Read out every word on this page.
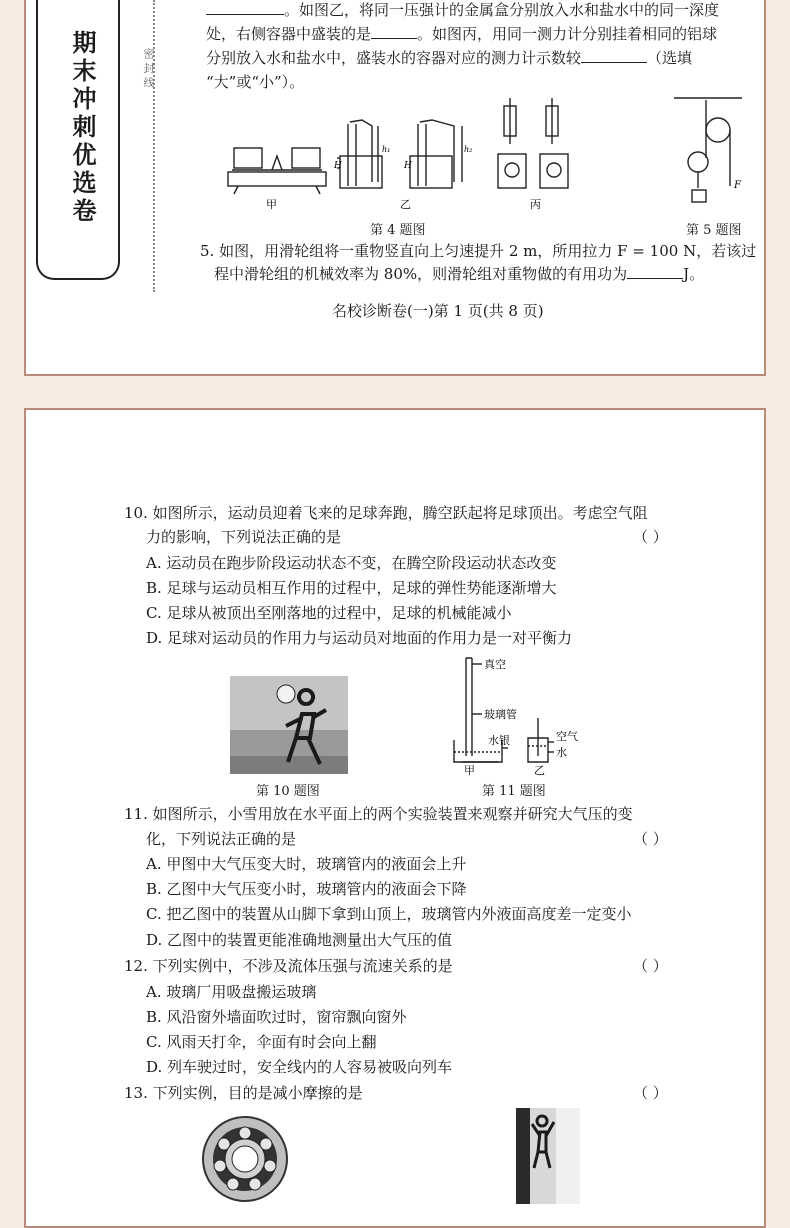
期末冲刺优选卷	密 封 线
。如图乙，将同一压强计的金属盒分别放入水和盐水中的同一深度
处，右侧容器中盛装的是	。如图丙，用同一测力计分别挂着相同的铝球
分别放入水和盐水中，盛装水的容器对应的测力计示数较	（选填
“大”或“小”）。
甲	乙	丙
H	H
h₁	h₂
F
第 4 题图	第 5 题图
5. 如图，用滑轮组将一重物竖直向上匀速提升 2 m，所用拉力 F = 100 N，若该过
程中滑轮组的机械效率为 80%，则滑轮组对重物做的有用功为	J。
名校诊断卷(一)第 1 页(共 8 页)
10. 如图所示，运动员迎着飞来的足球奔跑，腾空跃起将足球顶出。考虑空气阻
力的影响，下列说法正确的是	（ ）
A. 运动员在跑步阶段运动状态不变，在腾空阶段运动状态改变
B. 足球与运动员相互作用的过程中，足球的弹性势能逐渐增大
C. 足球从被顶出至刚落地的过程中，足球的机械能减小
D. 足球对运动员的作用力与运动员对地面的作用力是一对平衡力
真空
玻璃管
水银	空气
水
甲	乙
第 10 题图	第 11 题图
11. 如图所示，小雪用放在水平面上的两个实验装置来观察并研究大气压的变
化，下列说法正确的是	（ ）
A. 甲图中大气压变大时，玻璃管内的液面会上升
B. 乙图中大气压变小时，玻璃管内的液面会下降
C. 把乙图中的装置从山脚下拿到山顶上，玻璃管内外液面高度差一定变小
D. 乙图中的装置更能准确地测量出大气压的值
12. 下列实例中，不涉及流体压强与流速关系的是	（ ）
A. 玻璃厂用吸盘搬运玻璃
B. 风沿窗外墙面吹过时，窗帘飘向窗外
C. 风雨天打伞，伞面有时会向上翻
D. 列车驶过时，安全线内的人容易被吸向列车
13. 下列实例，目的是减小摩擦的是	（ ）
